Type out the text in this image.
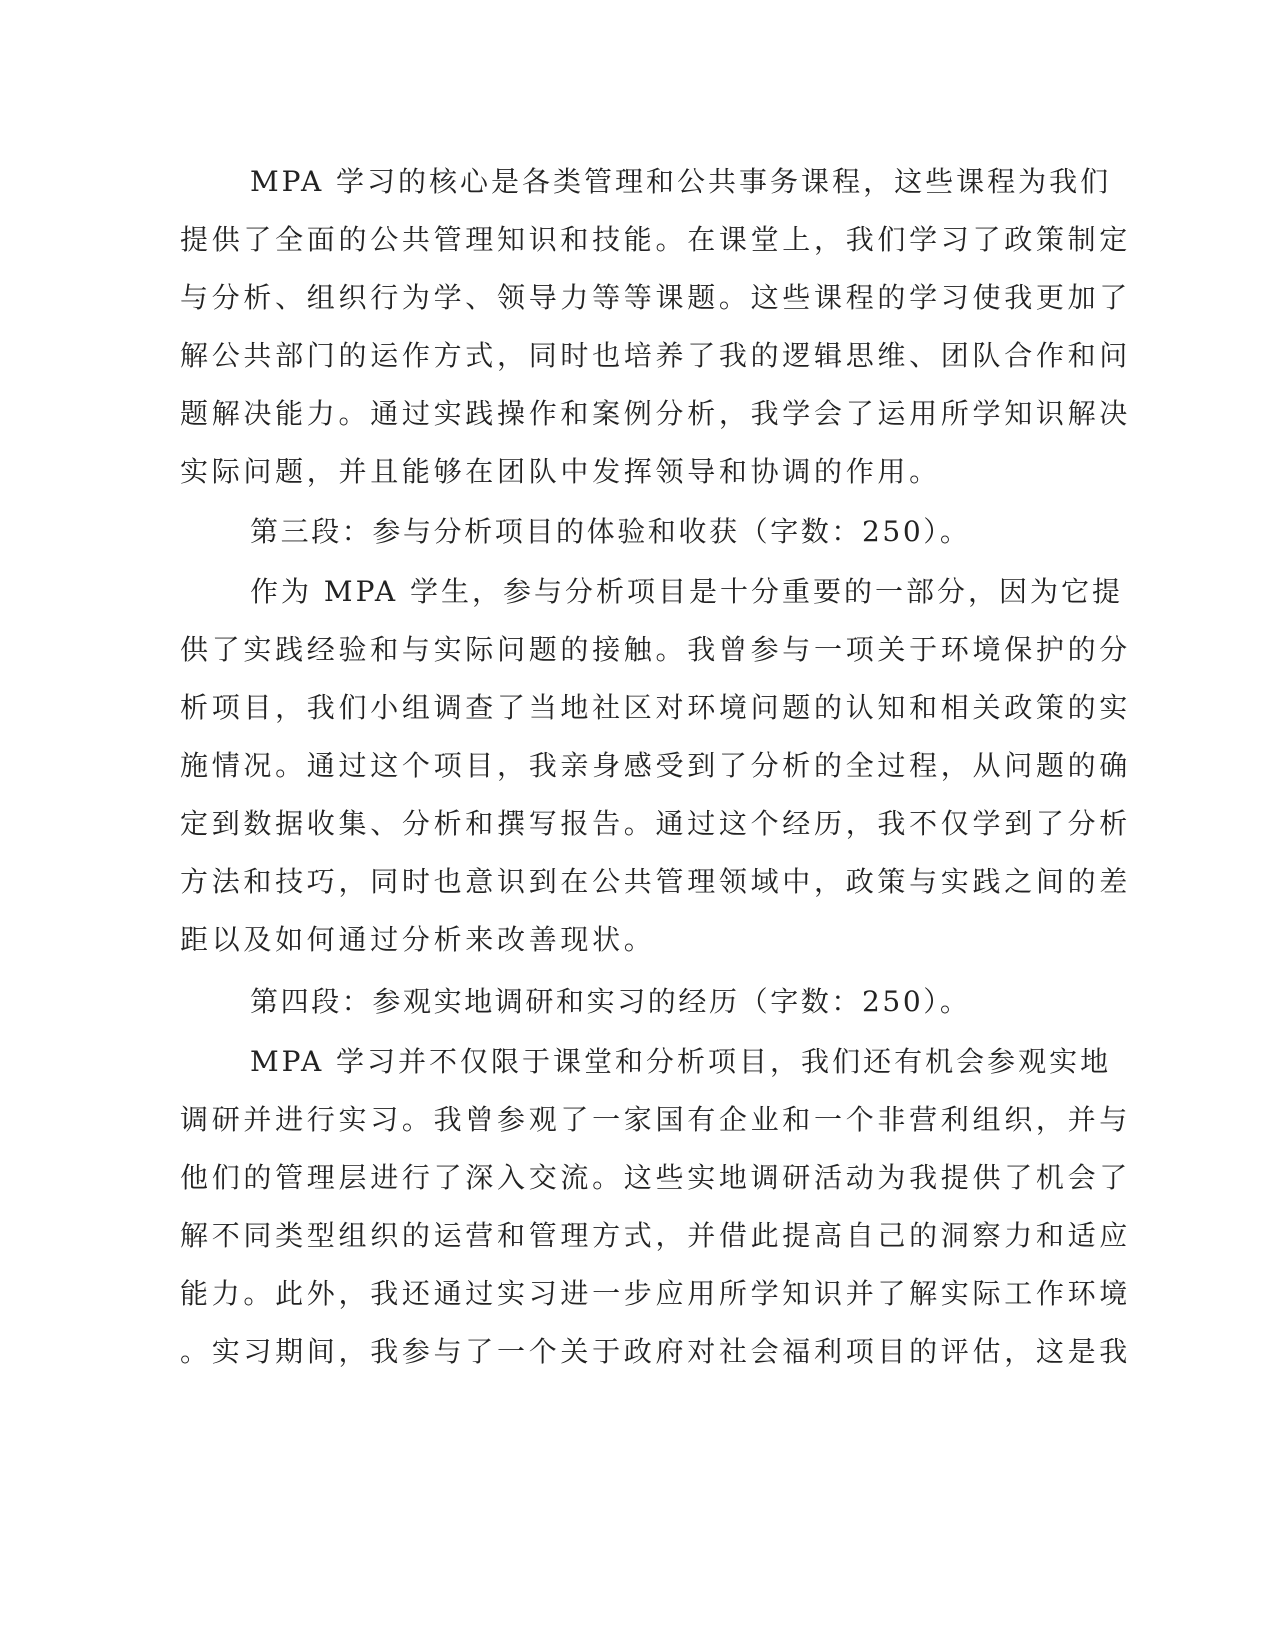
MPA 学习的核心是各类管理和公共事务课程，这些课程为我们
提供了全面的公共管理知识和技能。在课堂上，我们学习了政策制定
与分析、组织行为学、领导力等等课题。这些课程的学习使我更加了
解公共部门的运作方式，同时也培养了我的逻辑思维、团队合作和问
题解决能力。通过实践操作和案例分析，我学会了运用所学知识解决
实际问题，并且能够在团队中发挥领导和协调的作用。
第三段：参与分析项目的体验和收获（字数：250）。
作为 MPA 学生，参与分析项目是十分重要的一部分，因为它提
供了实践经验和与实际问题的接触。我曾参与一项关于环境保护的分
析项目，我们小组调查了当地社区对环境问题的认知和相关政策的实
施情况。通过这个项目，我亲身感受到了分析的全过程，从问题的确
定到数据收集、分析和撰写报告。通过这个经历，我不仅学到了分析
方法和技巧，同时也意识到在公共管理领域中，政策与实践之间的差
距以及如何通过分析来改善现状。
第四段：参观实地调研和实习的经历（字数：250）。
MPA 学习并不仅限于课堂和分析项目，我们还有机会参观实地
调研并进行实习。我曾参观了一家国有企业和一个非营利组织，并与
他们的管理层进行了深入交流。这些实地调研活动为我提供了机会了
解不同类型组织的运营和管理方式，并借此提高自己的洞察力和适应
能力。此外，我还通过实习进一步应用所学知识并了解实际工作环境
。实习期间，我参与了一个关于政府对社会福利项目的评估，这是我
